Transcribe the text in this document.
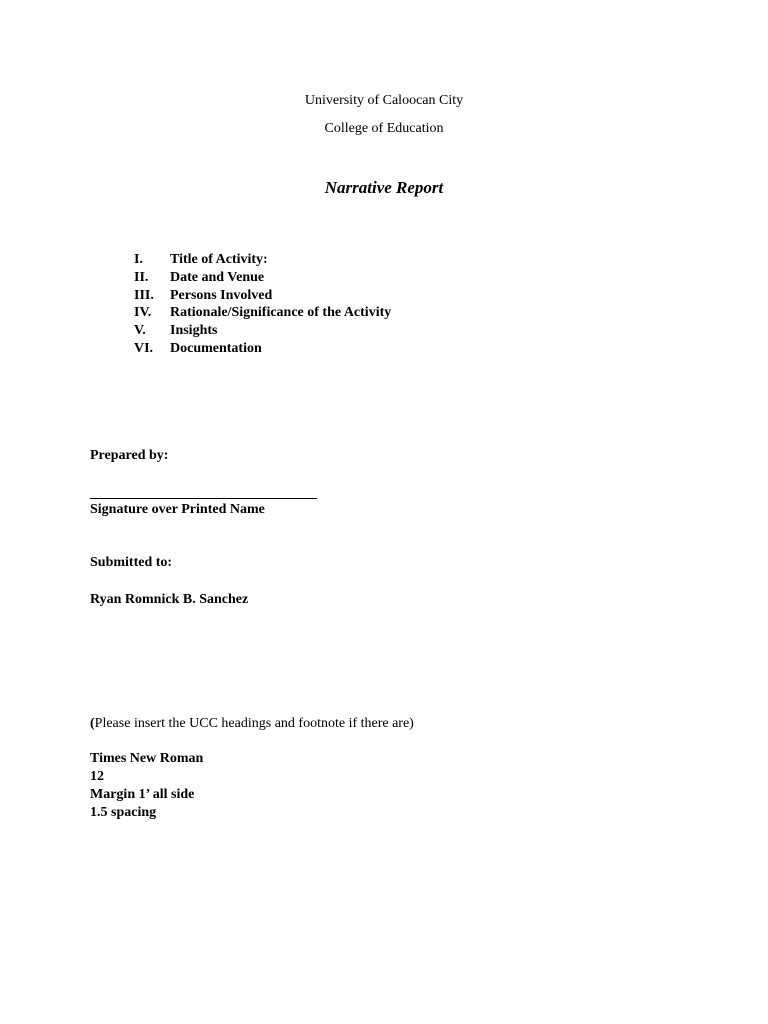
University of Caloocan City
College of Education
Narrative Report
I.	Title of Activity:
II.	Date and Venue
III.	Persons Involved
IV.	Rationale/Significance of the Activity
V.	Insights
VI.	Documentation
Prepared by:
Signature over Printed Name
Submitted to:
Ryan Romnick B. Sanchez
(Please insert the UCC headings and footnote if there are)
Times New Roman
12
Margin 1’ all side
1.5 spacing
